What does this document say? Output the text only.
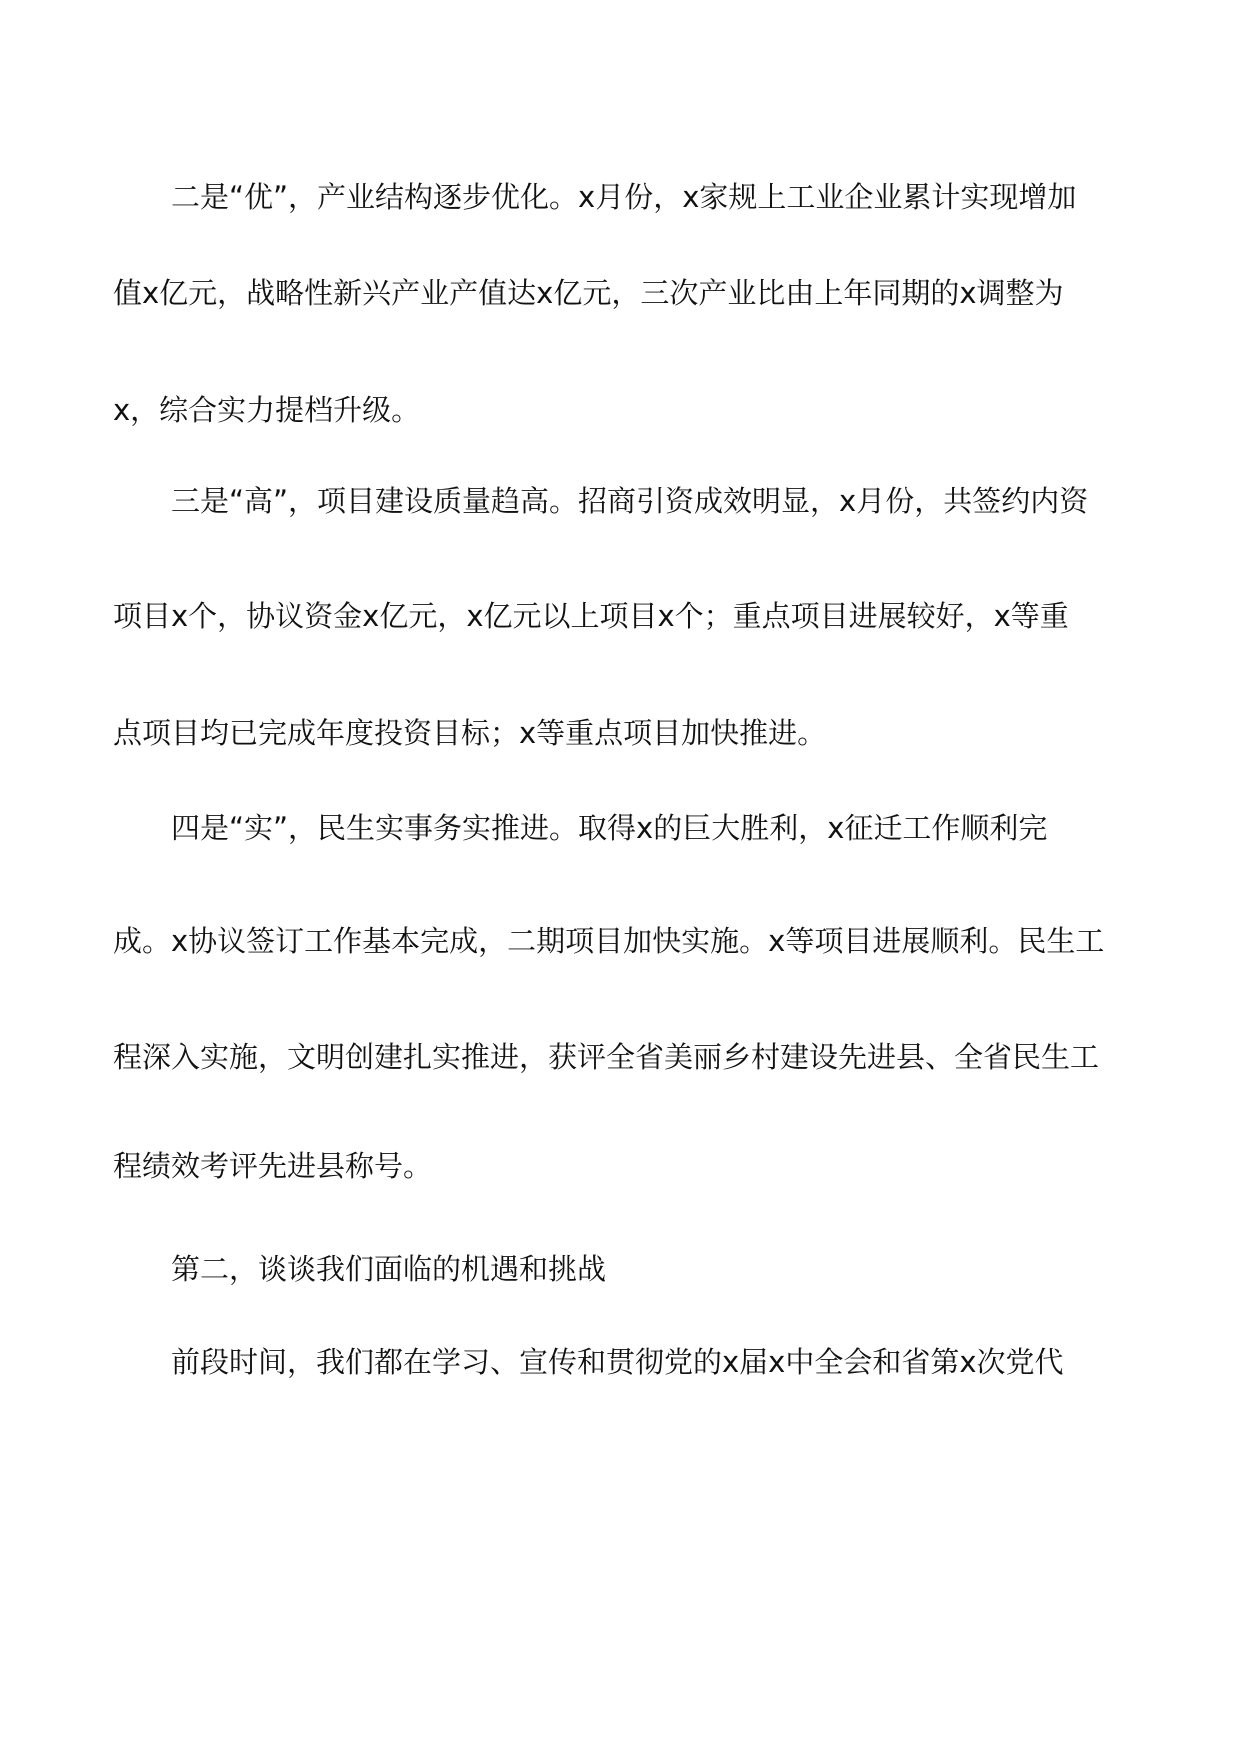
二是“优”，产业结构逐步优化。x月份，x家规上工业企业累计实现增加
值x亿元，战略性新兴产业产值达x亿元，三次产业比由上年同期的x调整为
x，综合实力提档升级。
三是“高”，项目建设质量趋高。招商引资成效明显，x月份，共签约内资
项目x个，协议资金x亿元，x亿元以上项目x个；重点项目进展较好，x等重
点项目均已完成年度投资目标；x等重点项目加快推进。
四是“实”，民生实事务实推进。取得x的巨大胜利，x征迁工作顺利完
成。x协议签订工作基本完成，二期项目加快实施。x等项目进展顺利。民生工
程深入实施，文明创建扎实推进，获评全省美丽乡村建设先进县、全省民生工
程绩效考评先进县称号。
第二，谈谈我们面临的机遇和挑战
前段时间，我们都在学习、宣传和贯彻党的x届x中全会和省第x次党代
